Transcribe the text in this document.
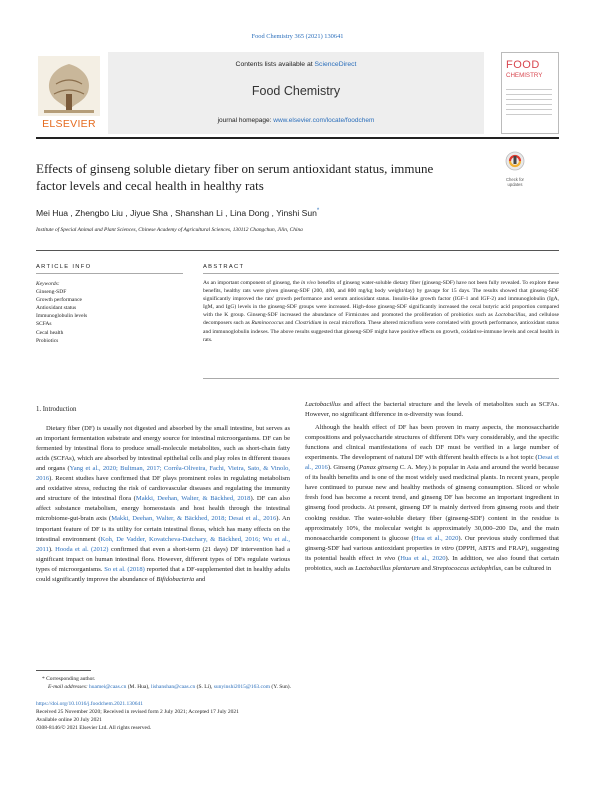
Food Chemistry 365 (2021) 130641
ELSEVIER
Contents lists available at ScienceDirect
Food Chemistry
journal homepage: www.elsevier.com/locate/foodchem
FOOD
CHEMISTRY
Effects of ginseng soluble dietary fiber on serum antioxidant status, immune factor levels and cecal health in healthy rats	Check for updates
Mei Hua , Zhengbo Liu , Jiyue Sha , Shanshan Li , Lina Dong , Yinshi Sun*
Institute of Special Animal and Plant Sciences, Chinese Academy of Agricultural Sciences, 130112 Changchun, Jilin, China
ARTICLE INFO
Keywords:
Ginseng-SDF
Growth performance
Antioxidant status
Immunoglobulin levels
SCFAs
Cecal health
Probiotics
ABSTRACT
As an important component of ginseng, the in vivo benefits of ginseng water-soluble dietary fiber (ginseng-SDF) have not been fully revealed. To explore these benefits, healthy rats were given ginseng-SDF (200, 400, and 800 mg/kg body weight/day) by gavage for 15 days. The results showed that ginseng-SDF significantly improved the rats' growth performance and serum antioxidant status. Insulin-like growth factor (IGF-1 and IGF-2) and immunoglobulin (IgA, IgM, and IgG) levels in the ginseng-SDF groups were increased. High-dose ginseng-SDF significantly increased the cecal butyric acid proportion compared with the K group. Ginseng-SDF increased the abundance of Firmicutes and promoted the proliferation of probiotics such as Lactobacillus, and cellulose decomposers such as Ruminococcus and Clostridium in cecal microflora. These altered microflora were correlated with growth performance, antioxidant status and immunoglobulin indexes. The above results suggested that ginseng-SDF might have positive effects on growth, oxidative-immune levels and cecal health in rats.
1. Introduction

Dietary fiber (DF) is usually not digested and absorbed by the small intestine, but serves as an important fermentation substrate and energy source for intestinal microorganisms. DF can be fermented by intestinal flora to produce small-molecule metabolites, such as short-chain fatty acids (SCFAs), which are absorbed by intestinal epithelial cells and play roles in different tissues and organs (Yang et al., 2020; Bultman, 2017; Corrêa-Oliveira, Fachi, Vieira, Sato, & Vinolo, 2016). Recent studies have confirmed that DF plays prominent roles in regulating metabolism and oxidative stress, reducing the risk of cardiovascular diseases and regulating the immunity and structure of the intestinal flora (Makki, Deehan, Walter, & Bäckhed, 2018). DF can also affect substance metabolism, energy homeostasis and host health through the intestinal microbiome-gut-brain axis (Makki, Deehan, Walter, & Bäckhed, 2018; Desai et al., 2016). An important feature of DF is its utility for certain intestinal floras, which has many effects on the intestinal environment (Koh, De Vadder, Kovatcheva-Datchary, & Bäckhed, 2016; Wu et al., 2011). Hooda et al. (2012) confirmed that even a short-term (21 days) DF intervention had a significant impact on human intestinal flora. However, different types of DFs regulate various types of microorganisms. So et al. (2018) reported that a DF-supplemented diet in healthy adults could significantly improve the abundance of Bifidobacteria and

Lactobacillus and affect the bacterial structure and the levels of metabolites such as SCFAs. However, no significant difference in α-diversity was found.

Although the health effect of DF has been proven in many aspects, the monosaccharide compositions and polysaccharide structures of different DFs vary considerably, and the specific functions and clinical manifestations of each DF must be verified in a large number of experiments. The development of natural DF with different health effects is a hot topic (Desai et al., 2016). Ginseng (Panax ginseng C. A. Mey.) is popular in Asia and around the world because of its health benefits and is one of the most widely used medicinal plants. In recent years, people have continued to pursue new and healthy methods of ginseng consumption. Sliced or whole fresh food has become a recent trend, and ginseng DF has become an important ingredient in ginseng food products. At present, ginseng DF is mainly derived from ginseng roots and their cooking residue. The water-soluble dietary fiber (ginseng-SDF) content in the residue is approximately 10%, the molecular weight is approximately 30,000–200 Da, and the main monosaccharide component is glucose (Hua et al., 2020). Our previous study confirmed that ginseng-SDF had various antioxidant properties in vitro (DPPH, ABTS and FRAP), suggesting its potential health effect in vivo (Hua et al., 2020). In addition, we also found that certain probiotics, such as Lactobacillus plantarum and Streptococcus acidophilus, can be cultured in

* Corresponding author.
E-mail addresses: huamei@caas.cn (M. Hua), lishanshan@caas.cn (S. Li), sunyinshi2015@163.com (Y. Sun).
https://doi.org/10.1016/j.foodchem.2021.130641
Received 25 November 2020; Received in revised form 2 July 2021; Accepted 17 July 2021
Available online 20 July 2021
0308-8146/© 2021 Elsevier Ltd. All rights reserved.
